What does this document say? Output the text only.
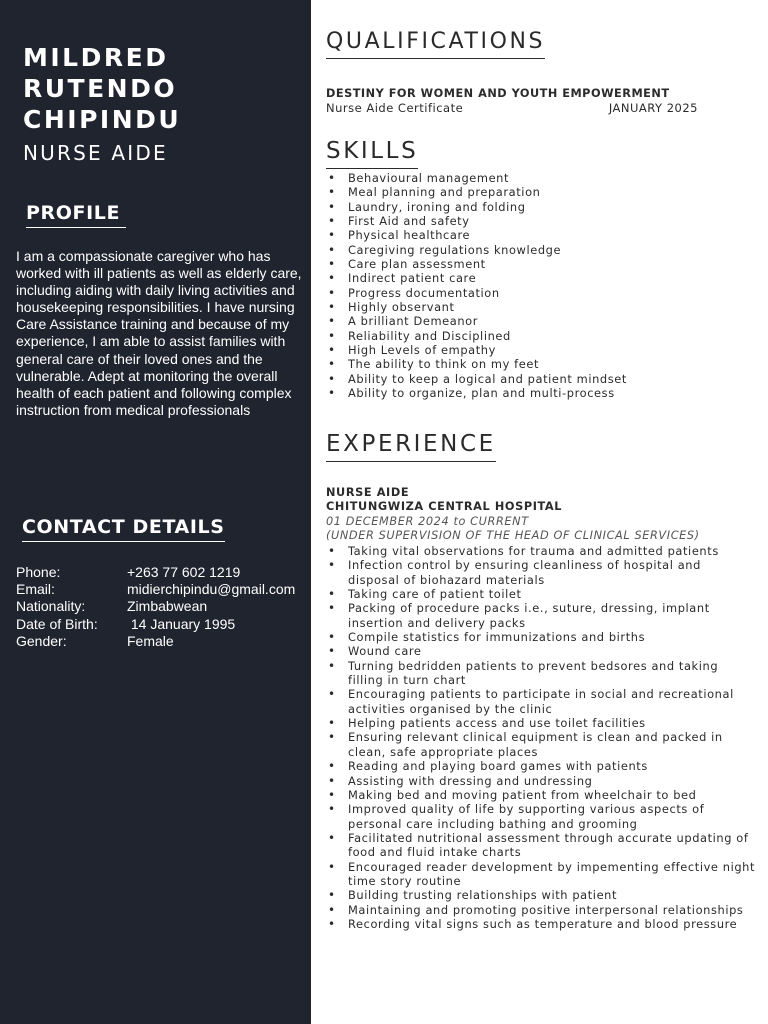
MILDRED
RUTENDO
CHIPINDU
NURSE AIDE
PROFILE

I am a compassionate caregiver who has worked with ill patients as well as elderly care, including aiding with daily living activities and housekeeping responsibilities. I have nursing Care Assistance training and because of my experience, I am able to assist families with general care of their loved ones and the vulnerable. Adept at monitoring the overall health of each patient and following complex instruction from medical professionals

CONTACT DETAILS
Phone:	+263 77 602 1219
Email:	midierchipindu@gmail.com
Nationality:	Zimbabwean
Date of Birth:	14 January 1995
Gender:	Female
QUALIFICATIONS
DESTINY FOR WOMEN AND YOUTH EMPOWERMENT
Nurse Aide Certificate	JANUARY 2025
SKILLS
• Behavioural management
• Meal planning and preparation
• Laundry, ironing and folding
• First Aid and safety
• Physical healthcare
• Caregiving regulations knowledge
• Care plan assessment
• Indirect patient care
• Progress documentation
• Highly observant
• A brilliant Demeanor
• Reliability and Disciplined
• High Levels of empathy
• The ability to think on my feet
• Ability to keep a logical and patient mindset
• Ability to organize, plan and multi-process
EXPERIENCE
NURSE AIDE
CHITUNGWIZA CENTRAL HOSPITAL
01 DECEMBER 2024 to CURRENT
(UNDER SUPERVISION OF THE HEAD OF CLINICAL SERVICES)
• Taking vital observations for trauma and admitted patients
• Infection control by ensuring cleanliness of hospital and disposal of biohazard materials
• Taking care of patient toilet
• Packing of procedure packs i.e., suture, dressing, implant insertion and delivery packs
• Compile statistics for immunizations and births
• Wound care
• Turning bedridden patients to prevent bedsores and taking filling in turn chart
• Encouraging patients to participate in social and recreational activities organised by the clinic
• Helping patients access and use toilet facilities
• Ensuring relevant clinical equipment is clean and packed in clean, safe appropriate places
• Reading and playing board games with patients
• Assisting with dressing and undressing
• Making bed and moving patient from wheelchair to bed
• Improved quality of life by supporting various aspects of personal care including bathing and grooming
• Facilitated nutritional assessment through accurate updating of food and fluid intake charts
• Encouraged reader development by impementing effective night time story routine
• Building trusting relationships with patient
• Maintaining and promoting positive interpersonal relationships
• Recording vital signs such as temperature and blood pressure
